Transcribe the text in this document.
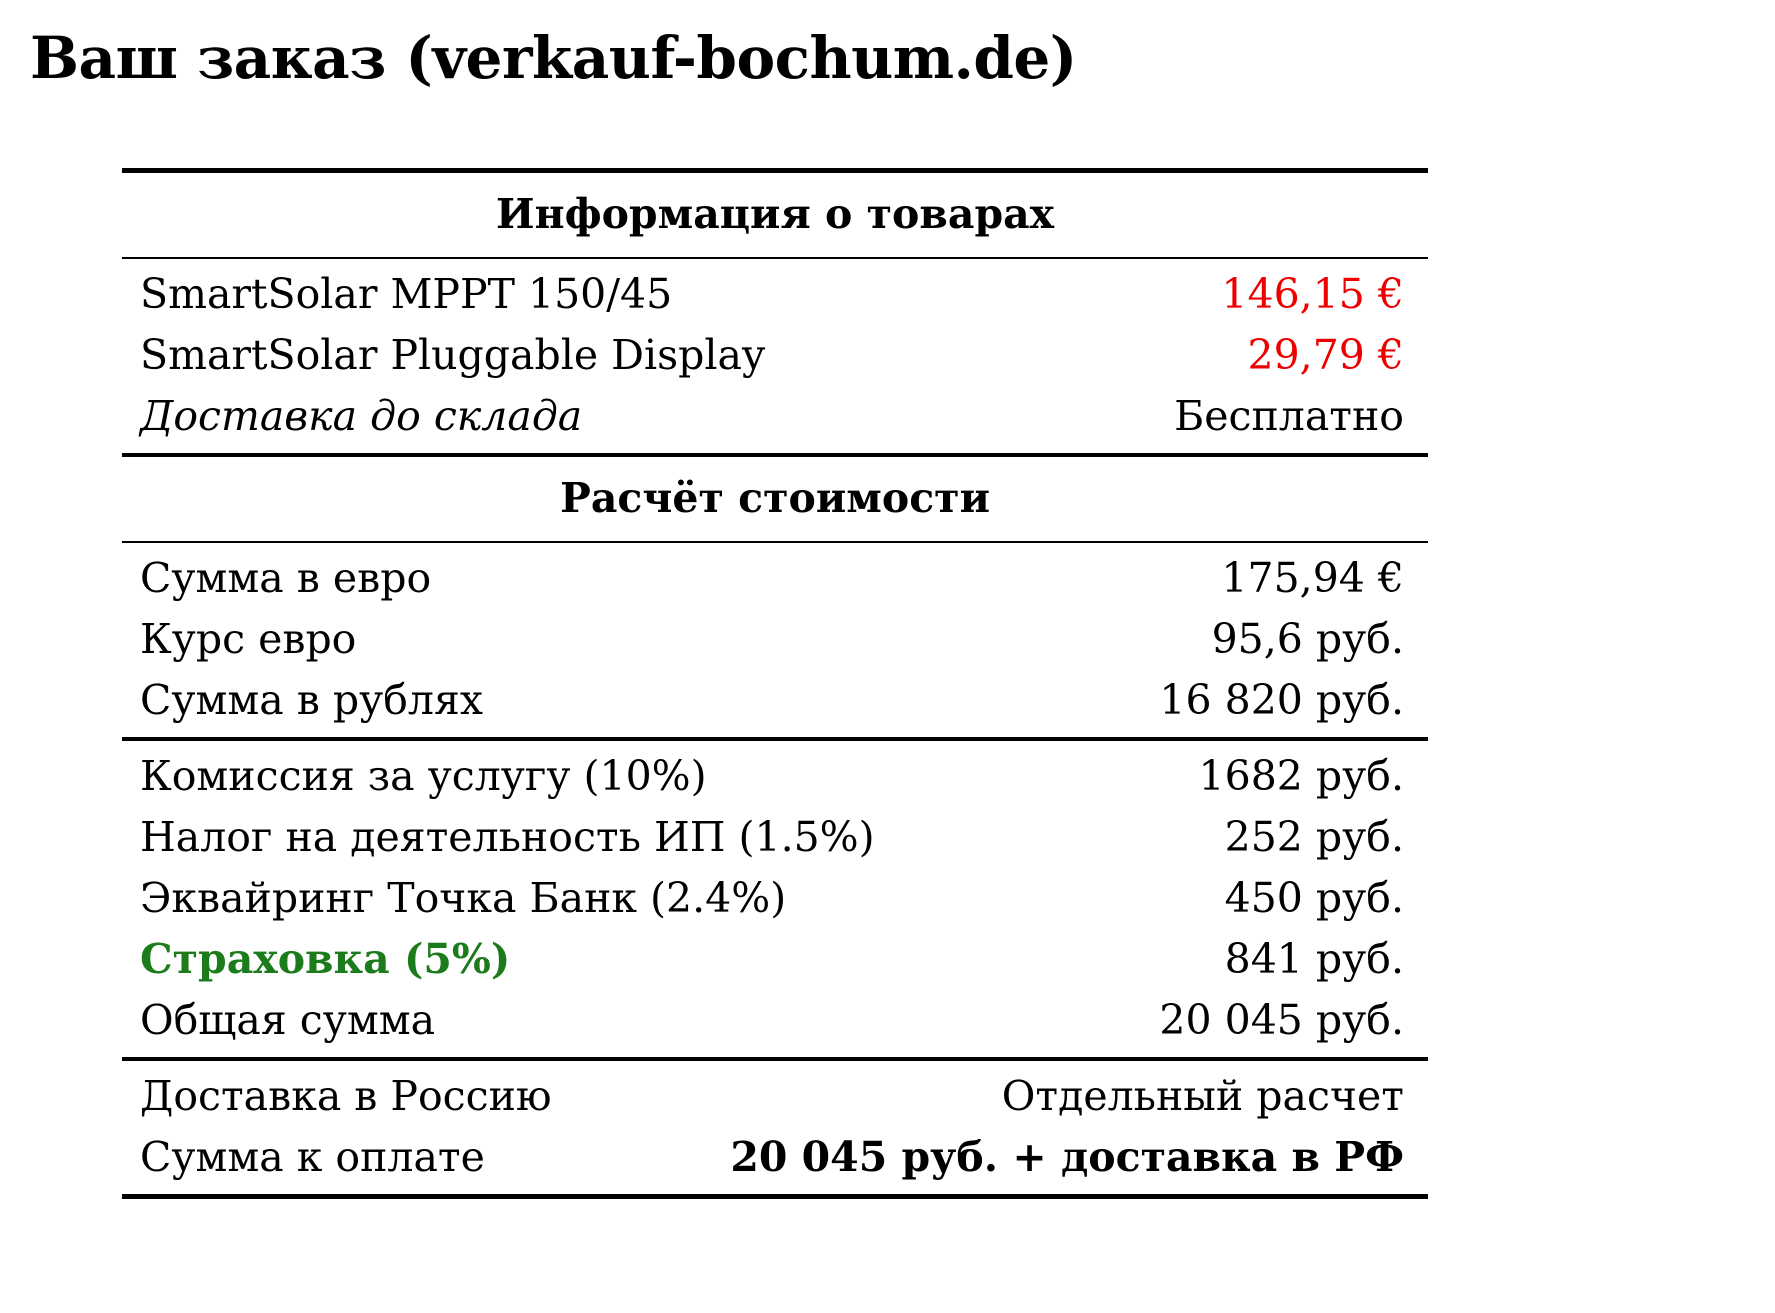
Ваш заказ (verkauf-bochum.de)
Информация о товарах
SmartSolar MPPT 150/45	146,15 €
SmartSolar Pluggable Display	29,79 €
Доставка до склада	Бесплатно
Расчёт стоимости
Сумма в евро	175,94 €
Курс евро	95,6 руб.
Сумма в рублях	16 820 руб.
Комиссия за услугу (10%)	1682 руб.
Налог на деятельность ИП (1.5%)	252 руб.
Эквайринг Точка Банк (2.4%)	450 руб.
Страховка (5%)	841 руб.
Общая сумма	20 045 руб.
Доставка в Россию	Отдельный расчет
Сумма к оплате	20 045 руб. + доставка в РФ
